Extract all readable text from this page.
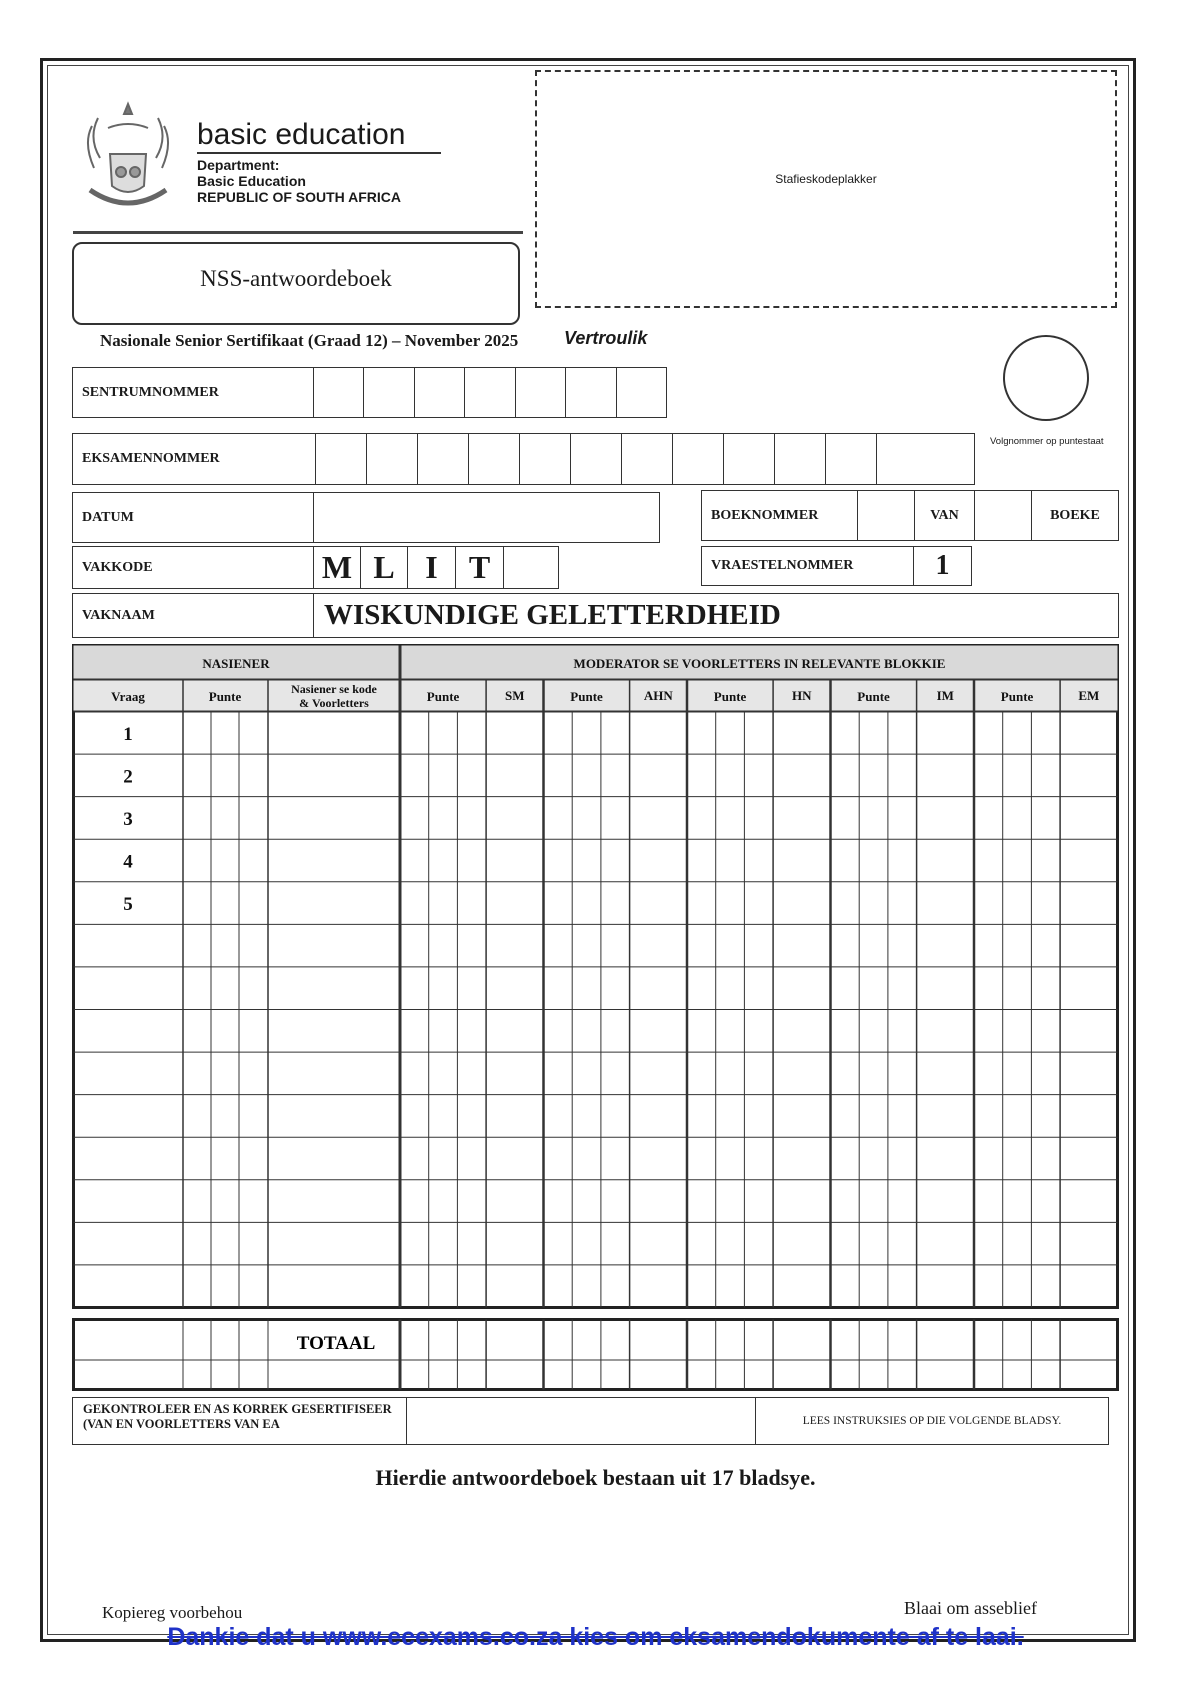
basic education
Department:
Basic Education
REPUBLIC OF SOUTH AFRICA
Stafieskodeplakker
NSS-antwoordeboek
Nasionale Senior Sertifikaat (Graad 12) – November 2025	Vertroulik
Volgnommer op puntestaat
SENTRUMNOMMER
EKSAMENNOMMER
DATUM	BOEKNOMMER	VAN	BOEKE
VAKKODE	M L I T	VRAESTELNOMMER	1
VAKNAAM	WISKUNDIGE GELETTERDHEID
NASIENER	MODERATOR SE VOORLETTERS IN RELEVANTE BLOKKIE
Vraag	Punte	Nasiener se kode
& Voorletters	Punte	SM	Punte	AHN	Punte	HN	Punte	IM	Punte	EM
1
2
3
4
5
TOTAAL
GEKONTROLEER EN AS KORREK GESERTIFISEER (VAN EN VOORLETTERS VAN EA	LEES INSTRUKSIES OP DIE VOLGENDE BLADSY.
Hierdie antwoordeboek bestaan uit 17 bladsye.
Kopiereg voorbehou	Blaai om asseblief
Dankie dat u www.ecexams.co.za kies om eksamendokumente af te laai.
